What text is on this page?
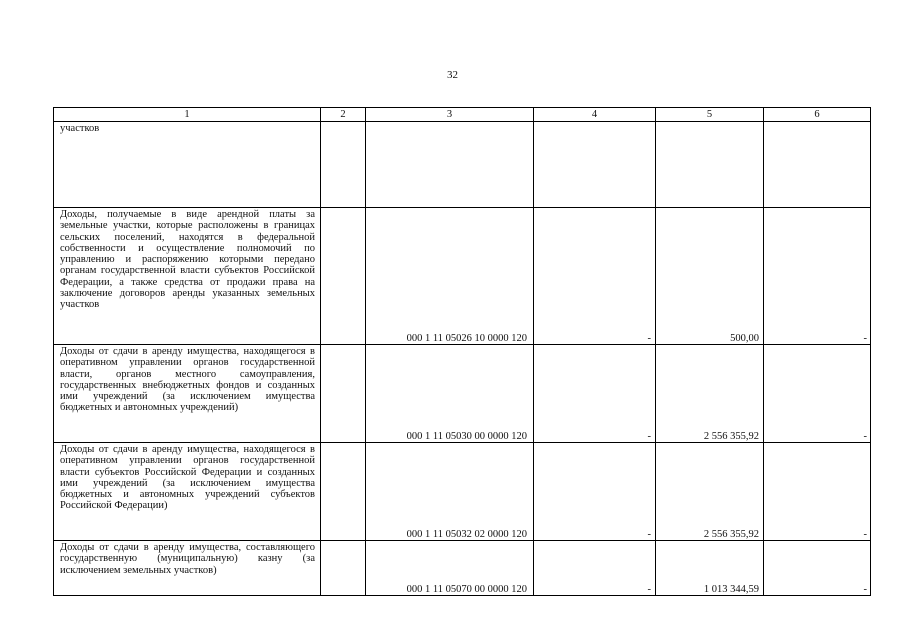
32
1	2	3	4	5	6
участков					
Доходы, получаемые в виде арендной платы за земельные участки, которые расположены в границах сельских поселений, находятся в федеральной собственности и осуществление полномочий по управлению и распоряжению которыми передано органам государственной власти субъектов Российской Федерации, а также средства от продажи права на заключение договоров аренды указанных земельных участков		000 1 11 05026 10 0000 120	-	500,00	-
Доходы от сдачи в аренду имущества, находящегося в оперативном управлении органов государственной власти, органов местного самоуправления, государственных внебюджетных фондов и созданных ими учреждений (за исключением имущества бюджетных и автономных учреждений)		000 1 11 05030 00 0000 120	-	2 556 355,92	-
Доходы от сдачи в аренду имущества, находящегося в оперативном управлении органов государственной власти субъектов Российской Федерации и созданных ими учреждений (за исключением имущества бюджетных и автономных учреждений субъектов Российской Федерации)		000 1 11 05032 02 0000 120	-	2 556 355,92	-
Доходы от сдачи в аренду имущества, составляющего государственную (муниципальную) казну (за исключением земельных участков)		000 1 11 05070 00 0000 120	-	1 013 344,59	-
